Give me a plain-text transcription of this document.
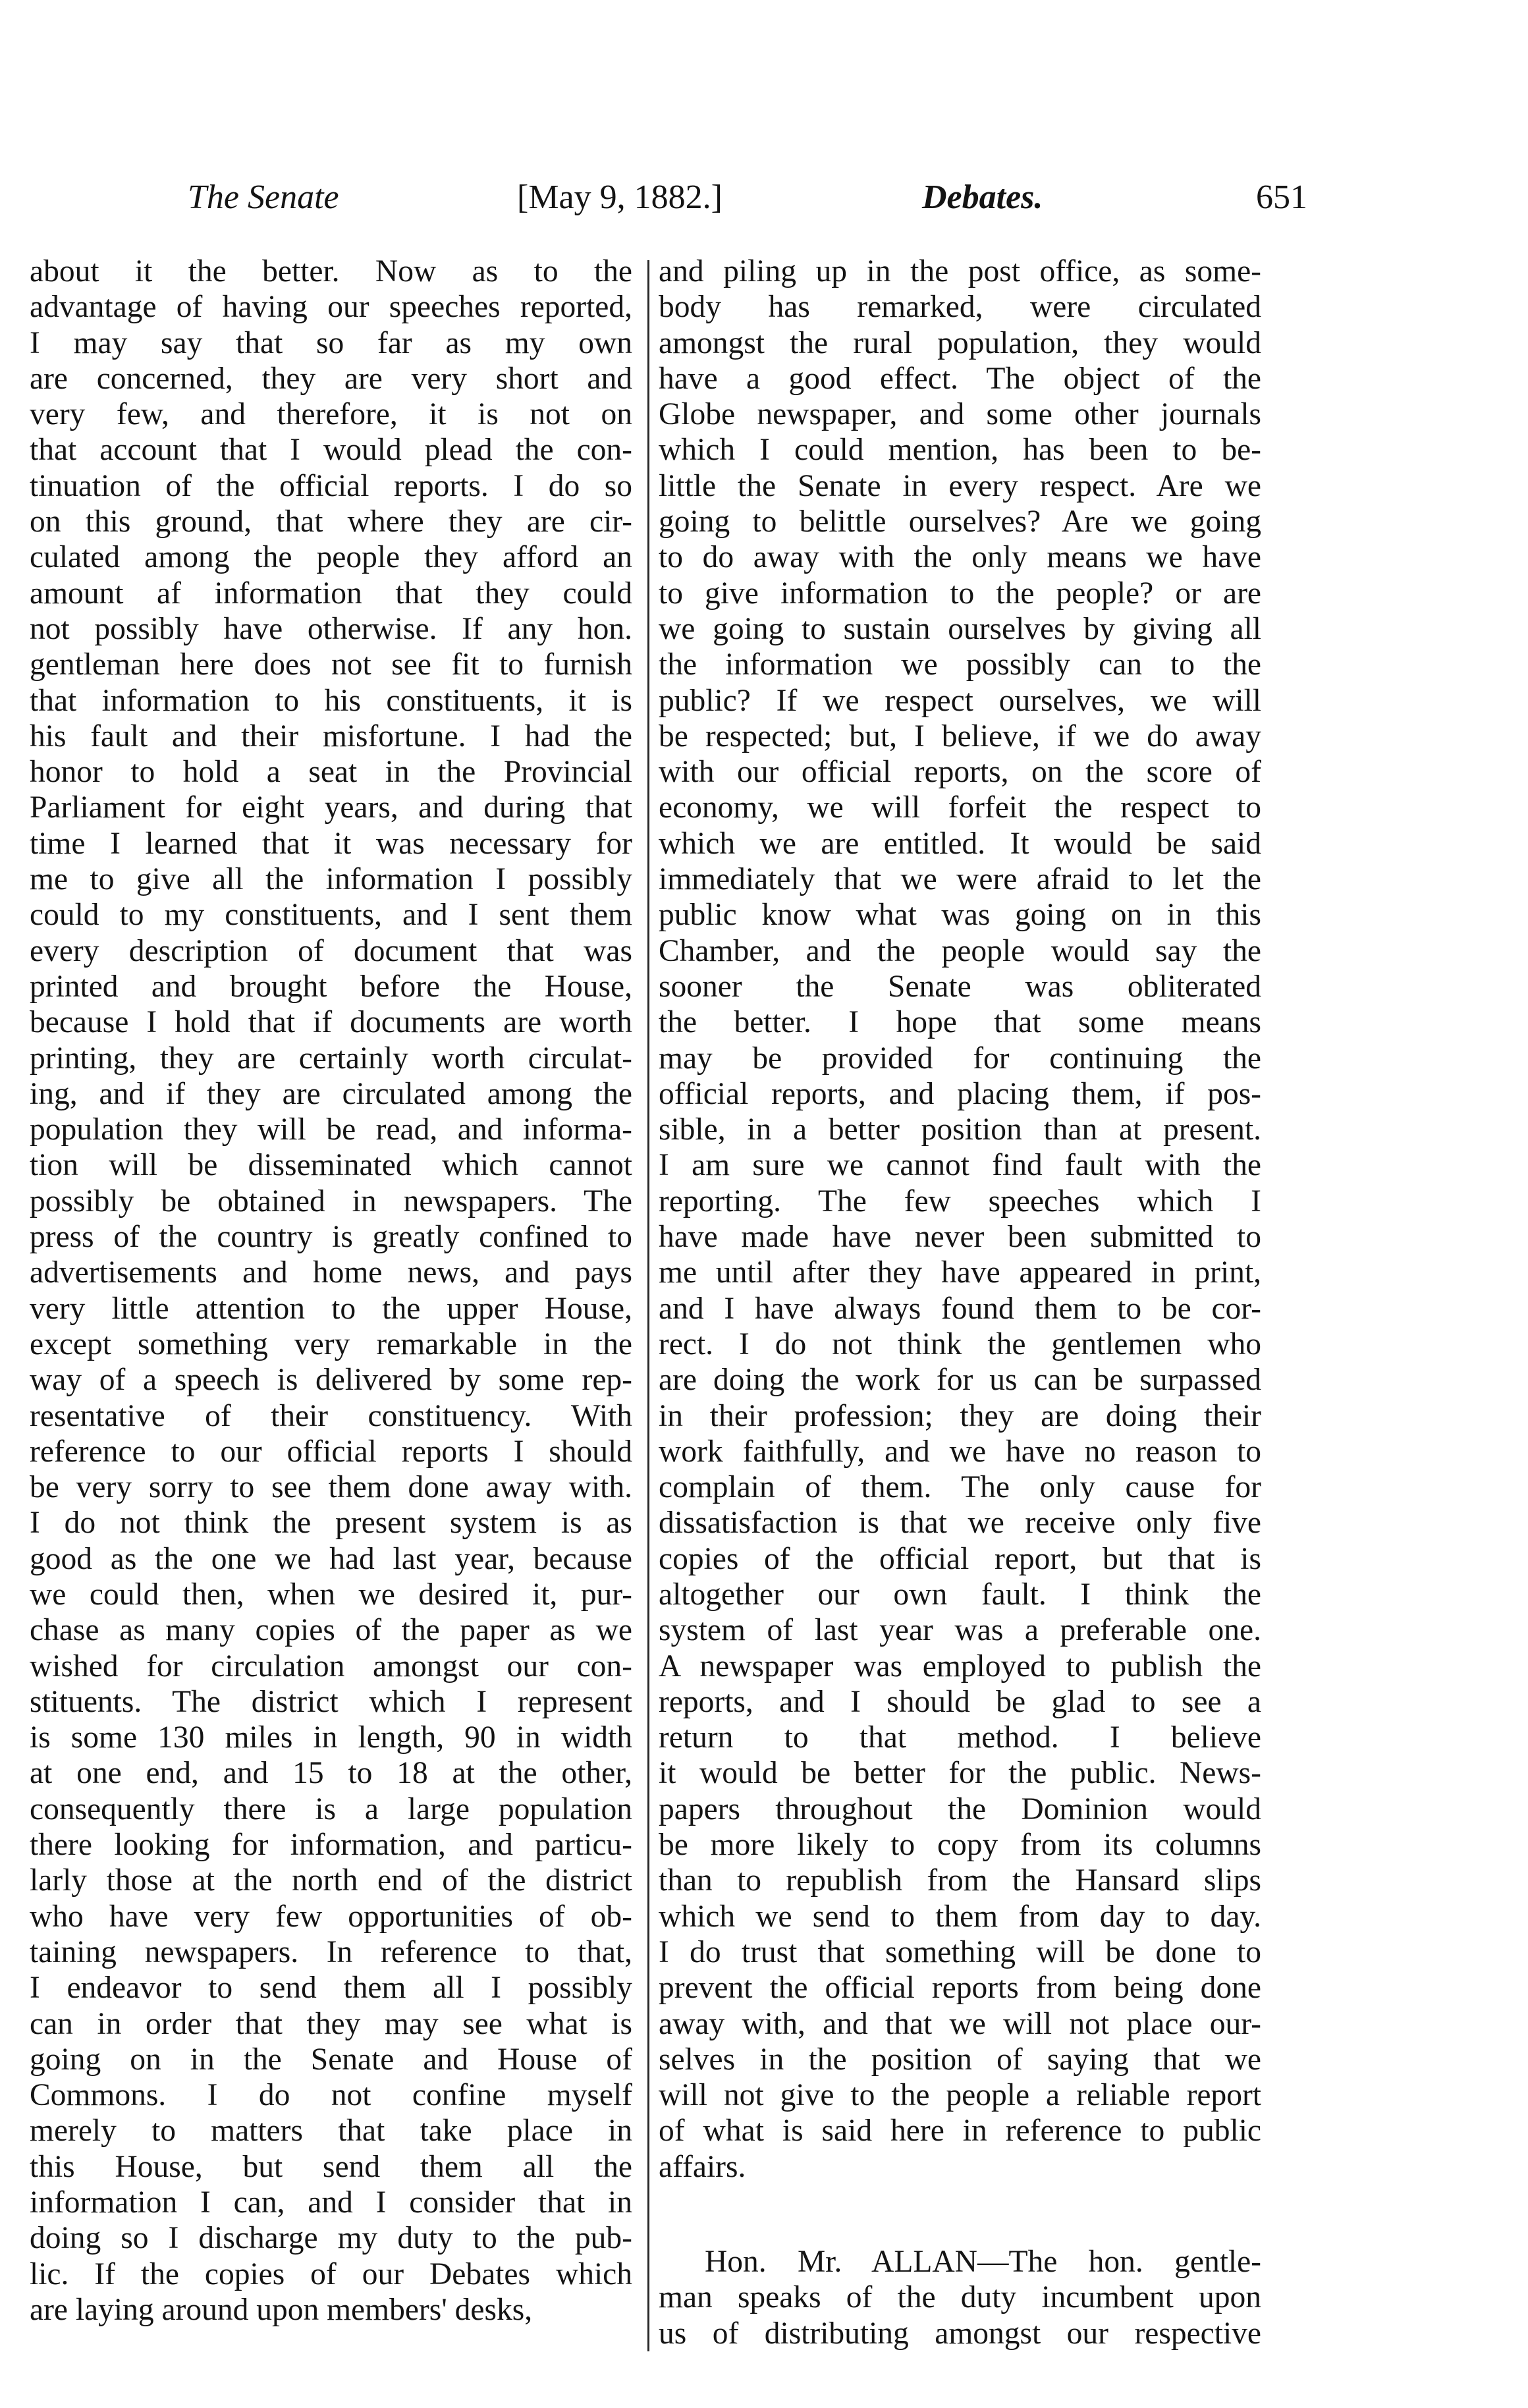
The Senate	[May 9, 1882.]	Debates.	651
about it the better. Now as to the
advantage of having our speeches reported,
I may say that so far as my own
are concerned, they are very short and
very few, and therefore, it is not on
that account that I would plead the con-
tinuation of the official reports. I do so
on this ground, that where they are cir-
culated among the people they afford an
amount af information that they could
not possibly have otherwise. If any hon.
gentleman here does not see fit to furnish
that information to his constituents, it is
his fault and their misfortune. I had the
honor to hold a seat in the Provincial
Parliament for eight years, and during that
time I learned that it was necessary for
me to give all the information I possibly
could to my constituents, and I sent them
every description of document that was
printed and brought before the House,
because I hold that if documents are worth
printing, they are certainly worth circulat-
ing, and if they are circulated among the
population they will be read, and informa-
tion will be disseminated which cannot
possibly be obtained in newspapers. The
press of the country is greatly confined to
advertisements and home news, and pays
very little attention to the upper House,
except something very remarkable in the
way of a speech is delivered by some rep-
resentative of their constituency. With
reference to our official reports I should
be very sorry to see them done away with.
I do not think the present system is as
good as the one we had last year, because
we could then, when we desired it, pur-
chase as many copies of the paper as we
wished for circulation amongst our con-
stituents. The district which I represent
is some 130 miles in length, 90 in width
at one end, and 15 to 18 at the other,
consequently there is a large population
there looking for information, and particu-
larly those at the north end of the district
who have very few opportunities of ob-
taining newspapers. In reference to that,
I endeavor to send them all I possibly
can in order that they may see what is
going on in the Senate and House of
Commons. I do not confine myself
merely to matters that take place in
this House, but send them all the
information I can, and I consider that in
doing so I discharge my duty to the pub-
lic. If the copies of our Debates which
are laying around upon members' desks,
and piling up in the post office, as some-
body has remarked, were circulated
amongst the rural population, they would
have a good effect. The object of the
Globe newspaper, and some other journals
which I could mention, has been to be-
little the Senate in every respect. Are we
going to belittle ourselves? Are we going
to do away with the only means we have
to give information to the people? or are
we going to sustain ourselves by giving all
the information we possibly can to the
public? If we respect ourselves, we will
be respected; but, I believe, if we do away
with our official reports, on the score of
economy, we will forfeit the respect to
which we are entitled. It would be said
immediately that we were afraid to let the
public know what was going on in this
Chamber, and the people would say the
sooner the Senate was obliterated
the better. I hope that some means
may be provided for continuing the
official reports, and placing them, if pos-
sible, in a better position than at present.
I am sure we cannot find fault with the
reporting. The few speeches which I
have made have never been submitted to
me until after they have appeared in print,
and I have always found them to be cor-
rect. I do not think the gentlemen who
are doing the work for us can be surpassed
in their profession; they are doing their
work faithfully, and we have no reason to
complain of them. The only cause for
dissatisfaction is that we receive only five
copies of the official report, but that is
altogether our own fault. I think the
system of last year was a preferable one.
A newspaper was employed to publish the
reports, and I should be glad to see a
return to that method. I believe
it would be better for the public. News-
papers throughout the Dominion would
be more likely to copy from its columns
than to republish from the Hansard slips
which we send to them from day to day.
I do trust that something will be done to
prevent the official reports from being done
away with, and that we will not place our-
selves in the position of saying that we
will not give to the people a reliable report
of what is said here in reference to public
affairs.
Hon. Mr. ALLAN—The hon. gentle-
man speaks of the duty incumbent upon
us of distributing amongst our respective
